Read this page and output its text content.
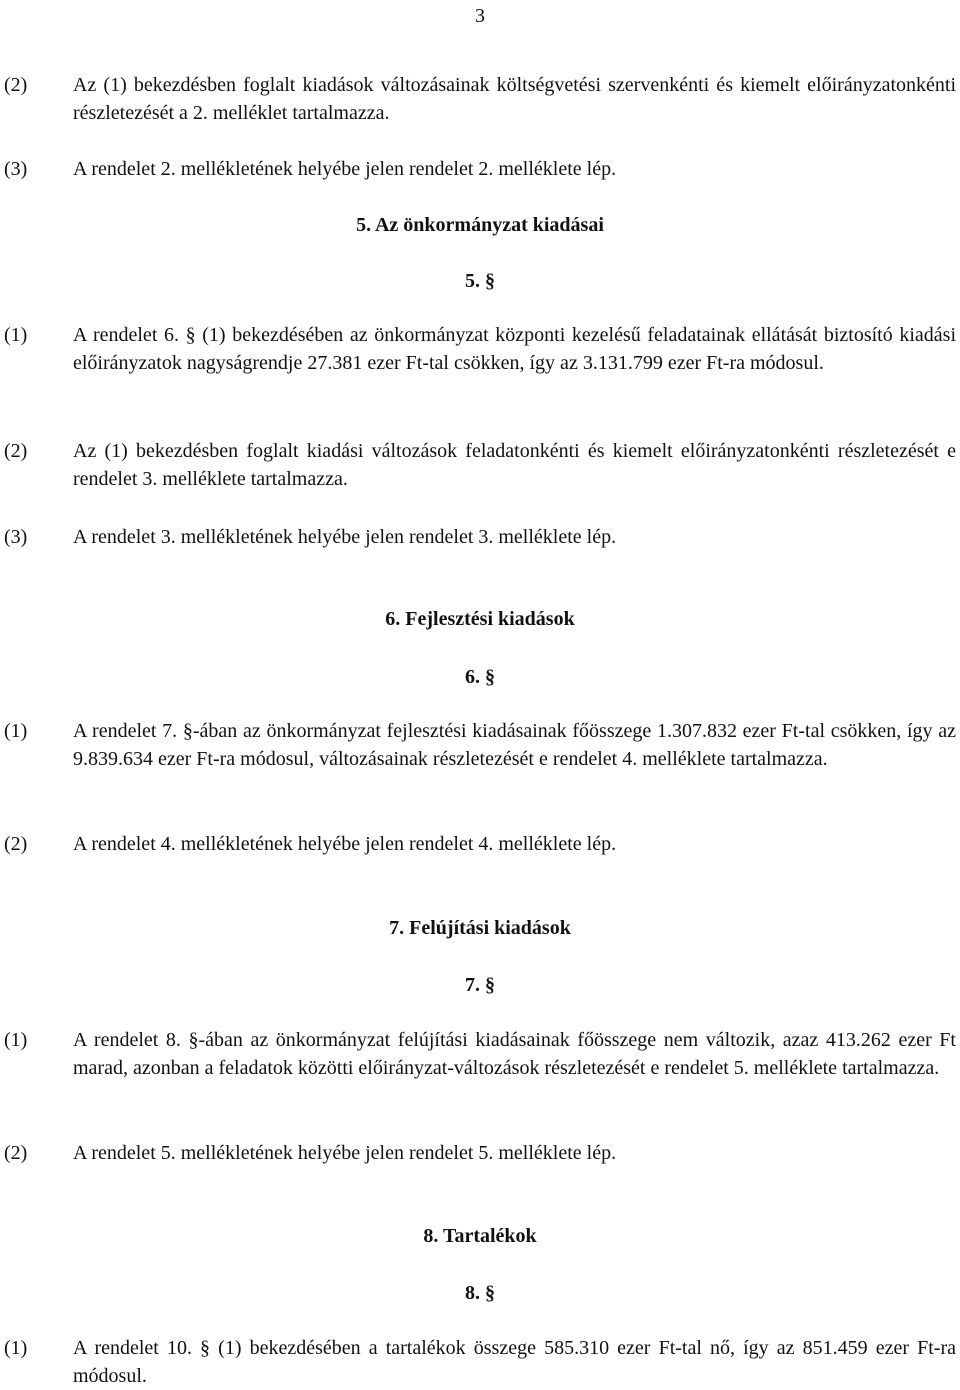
3
(2) Az (1) bekezdésben foglalt kiadások változásainak költségvetési szervenkénti és kiemelt előirányzatonkénti részletezését a 2. melléklet tartalmazza.
(3) A rendelet 2. mellékletének helyébe jelen rendelet 2. melléklete lép.
5. Az önkormányzat kiadásai
5. §
(1) A rendelet 6. § (1) bekezdésében az önkormányzat központi kezelésű feladatainak ellátását biztosító kiadási előirányzatok nagyságrendje 27.381 ezer Ft-tal csökken, így az 3.131.799 ezer Ft-ra módosul.
(2) Az (1) bekezdésben foglalt kiadási változások feladatonkénti és kiemelt előirányzatonkénti részletezését e rendelet 3. melléklete tartalmazza.
(3) A rendelet 3. mellékletének helyébe jelen rendelet 3. melléklete lép.
6. Fejlesztési kiadások
6. §
(1) A rendelet 7. §-ában az önkormányzat fejlesztési kiadásainak főösszege 1.307.832 ezer Ft-tal csökken, így az 9.839.634 ezer Ft-ra módosul, változásainak részletezését e rendelet 4. melléklete tartalmazza.
(2) A rendelet 4. mellékletének helyébe jelen rendelet 4. melléklete lép.
7. Felújítási kiadások
7. §
(1) A rendelet 8. §-ában az önkormányzat felújítási kiadásainak főösszege nem változik, azaz 413.262 ezer Ft marad, azonban a feladatok közötti előirányzat-változások részletezését e rendelet 5. melléklete tartalmazza.
(2) A rendelet 5. mellékletének helyébe jelen rendelet 5. melléklete lép.
8. Tartalékok
8. §
(1) A rendelet 10. § (1) bekezdésében a tartalékok összege 585.310 ezer Ft-tal nő, így az 851.459 ezer Ft-ra módosul.
